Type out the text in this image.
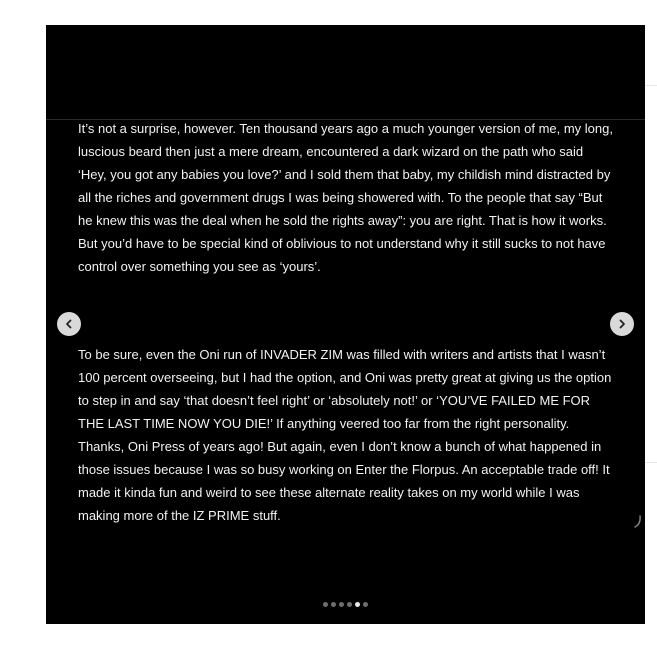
It’s not a surprise, however. Ten thousand years ago a much younger version of me, my long, luscious beard then just a mere dream, encountered a dark wizard on the path who said ‘Hey, you got any babies you love?’ and I sold them that baby, my childish mind distracted by all the riches and government drugs I was being showered with. To the people that say “But he knew this was the deal when he sold the rights away”: you are right. That is how it works. But you’d have to be special kind of oblivious to not understand why it still sucks to not have control over something you see as ‘yours’.

To be sure, even the Oni run of INVADER ZIM was filled with writers and artists that I wasn’t 100 percent overseeing, but I had the option, and Oni was pretty great at giving us the option to step in and say ‘that doesn’t feel right’ or ‘absolutely not!’ or ‘YOU’VE FAILED ME FOR THE LAST TIME NOW YOU DIE!’ If anything veered too far from the right personality. Thanks, Oni Press of years ago! But again, even I don’t know a bunch of what happened in those issues because I was so busy working on Enter the Florpus. An acceptable trade off! It made it kinda fun and weird to see these alternate reality takes on my world while I was making more of the IZ PRIME stuff.
